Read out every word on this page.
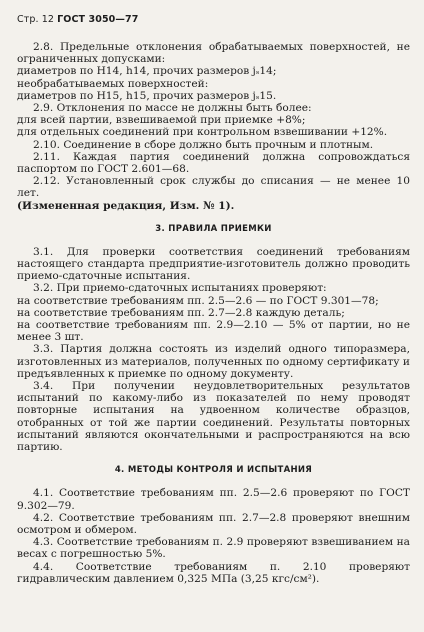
Стр. 12 ГОСТ 3050—77

2.8. Предельные отклонения обрабатываемых поверхностей, не ограниченных допусками:

диаметров по Н14, h14, прочих размеров jₛ14;

необрабатываемых поверхностей:

диаметров по Н15, h15, прочих размеров jₛ15.

2.9. Отклонения по массе не должны быть более:

для всей партии, взвешиваемой при приемке +8%;

для отдельных соединений при контрольном взвешивании +12%.

2.10. Соединение в сборе должно быть прочным и плотным.

2.11. Каждая партия соединений должна сопровождаться паспортом по ГОСТ 2.601—68.

2.12. Установленный срок службы до списания — не менее 10 лет.

(Измененная редакция, Изм. № 1).

3. ПРАВИЛА ПРИЕМКИ

3.1. Для проверки соответствия соединений требованиям настоящего стандарта предприятие-изготовитель должно проводить приемо-сдаточные испытания.

3.2. При приемо-сдаточных испытаниях проверяют:

на соответствие требованиям пп. 2.5—2.6 — по ГОСТ 9.301—78;

на соответствие требованиям пп. 2.7—2.8 каждую деталь;

на соответствие требованиям пп. 2.9—2.10 — 5% от партии, но не менее 3 шт.

3.3. Партия должна состоять из изделий одного типоразмера, изготовленных из материалов, полученных по одному сертификату и предъявленных к приемке по одному документу.

3.4. При получении неудовлетворительных результатов испытаний по какому-либо из показателей по нему проводят повторные испытания на удвоенном количестве образцов, отобранных от той же партии соединений. Результаты повторных испытаний являются окончательными и распространяются на всю партию.

4. МЕТОДЫ КОНТРОЛЯ И ИСПЫТАНИЯ

4.1. Соответствие требованиям пп. 2.5—2.6 проверяют по ГОСТ 9.302—79.

4.2. Соответствие требованиям пп. 2.7—2.8 проверяют внешним осмотром и обмером.

4.3. Соответствие требованиям п. 2.9 проверяют взвешиванием на весах с погрешностью 5%.

4.4. Соответствие требованиям п. 2.10 проверяют гидравлическим давлением 0,325 МПа (3,25 кгс/см²).
